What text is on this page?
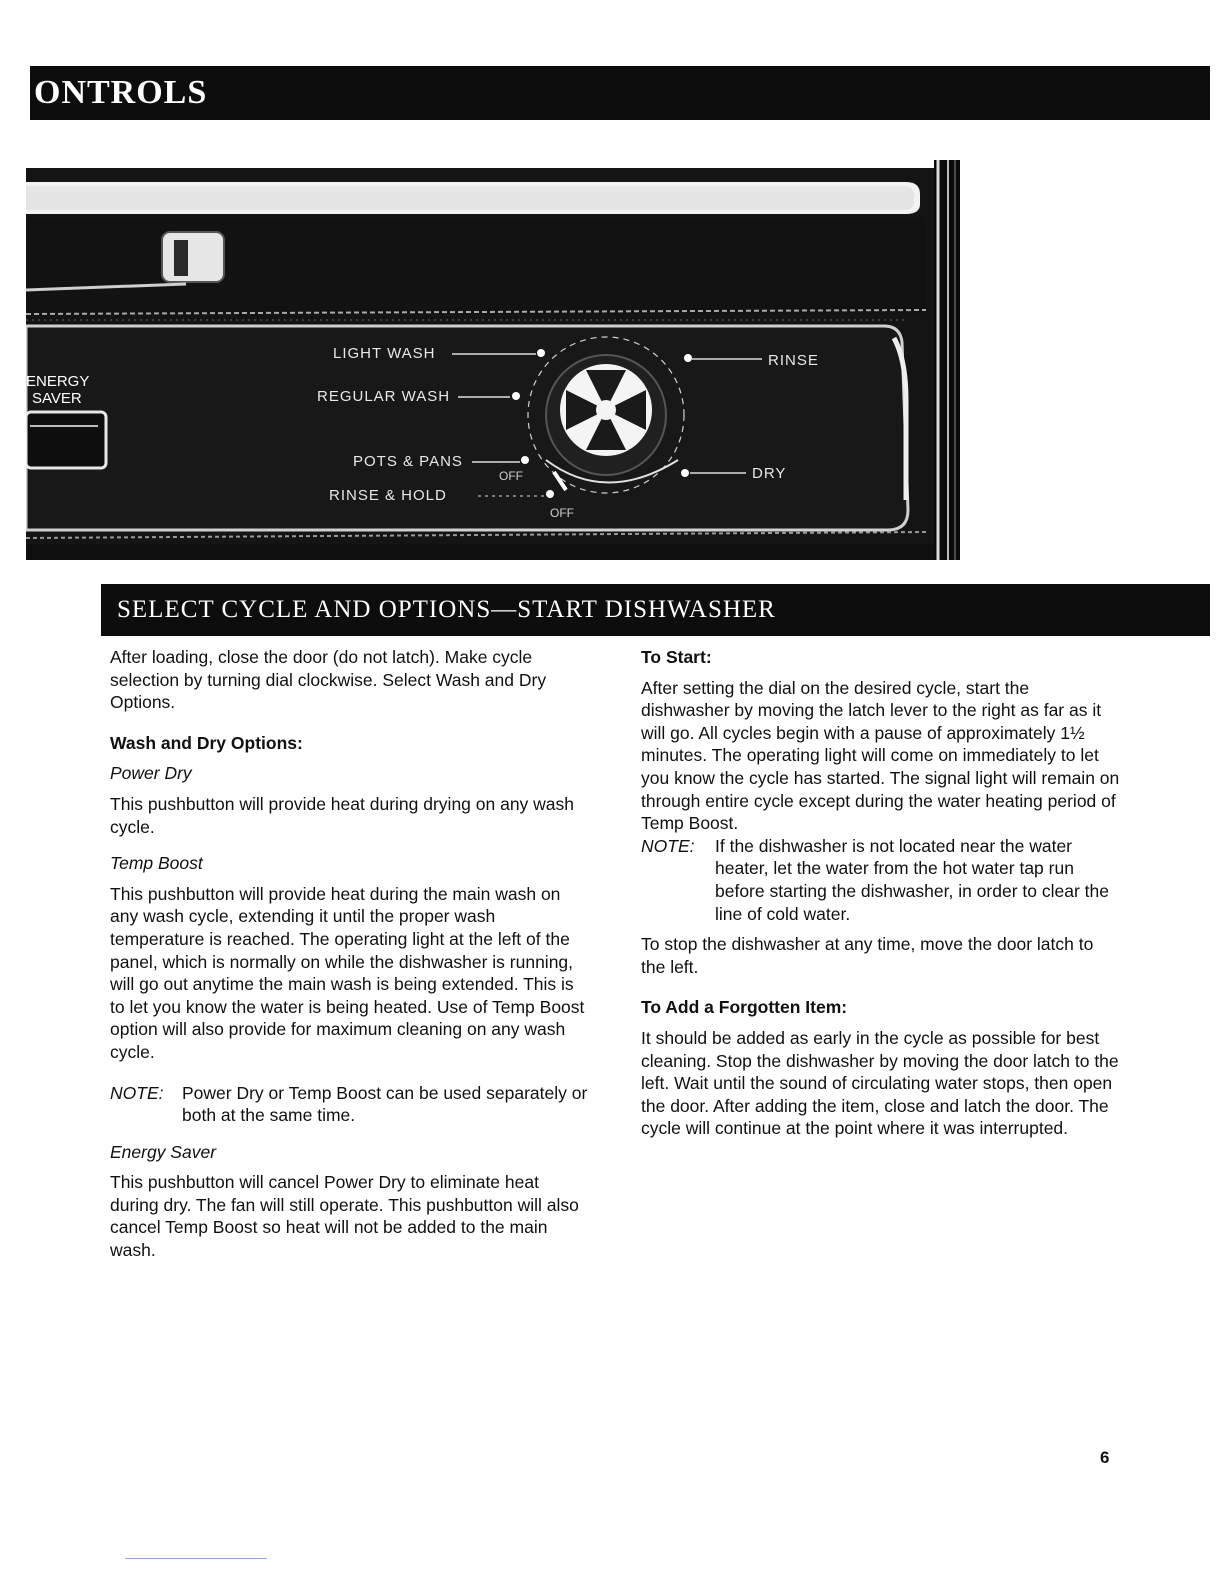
ONTROLS
ENERGY
SAVER
LIGHT WASH
REGULAR WASH
POTS & PANS
RINSE & HOLD
RINSE
DRY
OFF
OFF
SELECT CYCLE AND OPTIONS—START DISHWASHER

After loading, close the door (do not latch). Make cycle selection by turning dial clockwise. Select Wash and Dry Options.

Wash and Dry Options:

Power Dry

This pushbutton will provide heat during drying on any wash cycle.

Temp Boost

This pushbutton will provide heat during the main wash on any wash cycle, extending it until the proper wash temperature is reached. The operating light at the left of the panel, which is normally on while the dishwasher is running, will go out anytime the main wash is being extended. This is to let you know the water is being heated. Use of Temp Boost option will also provide for maximum cleaning on any wash cycle.

NOTE:	Power Dry or Temp Boost can be used separately or both at the same time.

Energy Saver

This pushbutton will cancel Power Dry to eliminate heat during dry. The fan will still operate. This pushbutton will also cancel Temp Boost so heat will not be added to the main wash.

To Start:

After setting the dial on the desired cycle, start the dishwasher by moving the latch lever to the right as far as it will go. All cycles begin with a pause of approximately 1½ minutes. The operating light will come on immediately to let you know the cycle has started. The signal light will remain on through entire cycle except during the water heating period of Temp Boost.

NOTE:	If the dishwasher is not located near the water heater, let the water from the hot water tap run before starting the dishwasher, in order to clear the line of cold water.

To stop the dishwasher at any time, move the door latch to the left.

To Add a Forgotten Item:

It should be added as early in the cycle as possible for best cleaning. Stop the dishwasher by moving the door latch to the left. Wait until the sound of circulating water stops, then open the door. After adding the item, close and latch the door. The cycle will continue at the point where it was interrupted.

6
